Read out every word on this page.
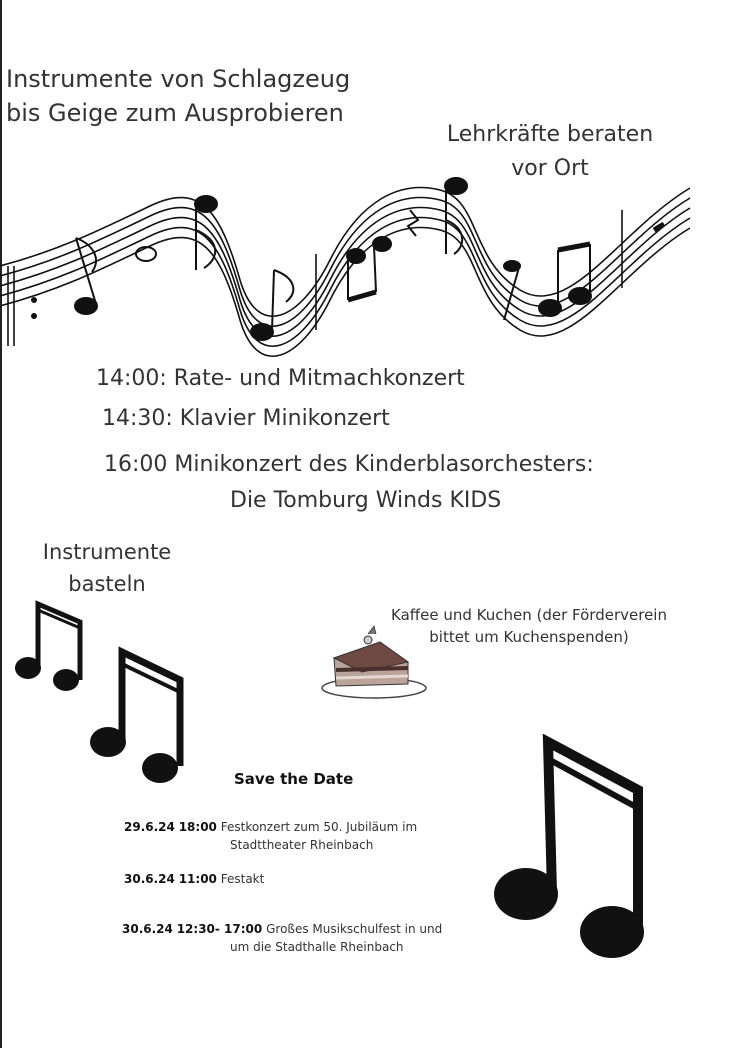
Instrumente von Schlagzeug
bis Geige zum Ausprobieren
Lehrkräfte beraten
vor Ort
14:00: Rate- und Mitmachkonzert
14:30: Klavier Minikonzert
16:00 Minikonzert des Kinderblasorchesters:
Die Tomburg Winds KIDS
Instrumente
basteln
Kaffee und Kuchen (der Förderverein
bittet um Kuchenspenden)
Save the Date
29.6.24 18:00 Festkonzert zum 50. Jubiläum im
Stadttheater Rheinbach
30.6.24 11:00 Festakt
30.6.24 12:30- 17:00 Großes Musikschulfest in und
um die Stadthalle Rheinbach
